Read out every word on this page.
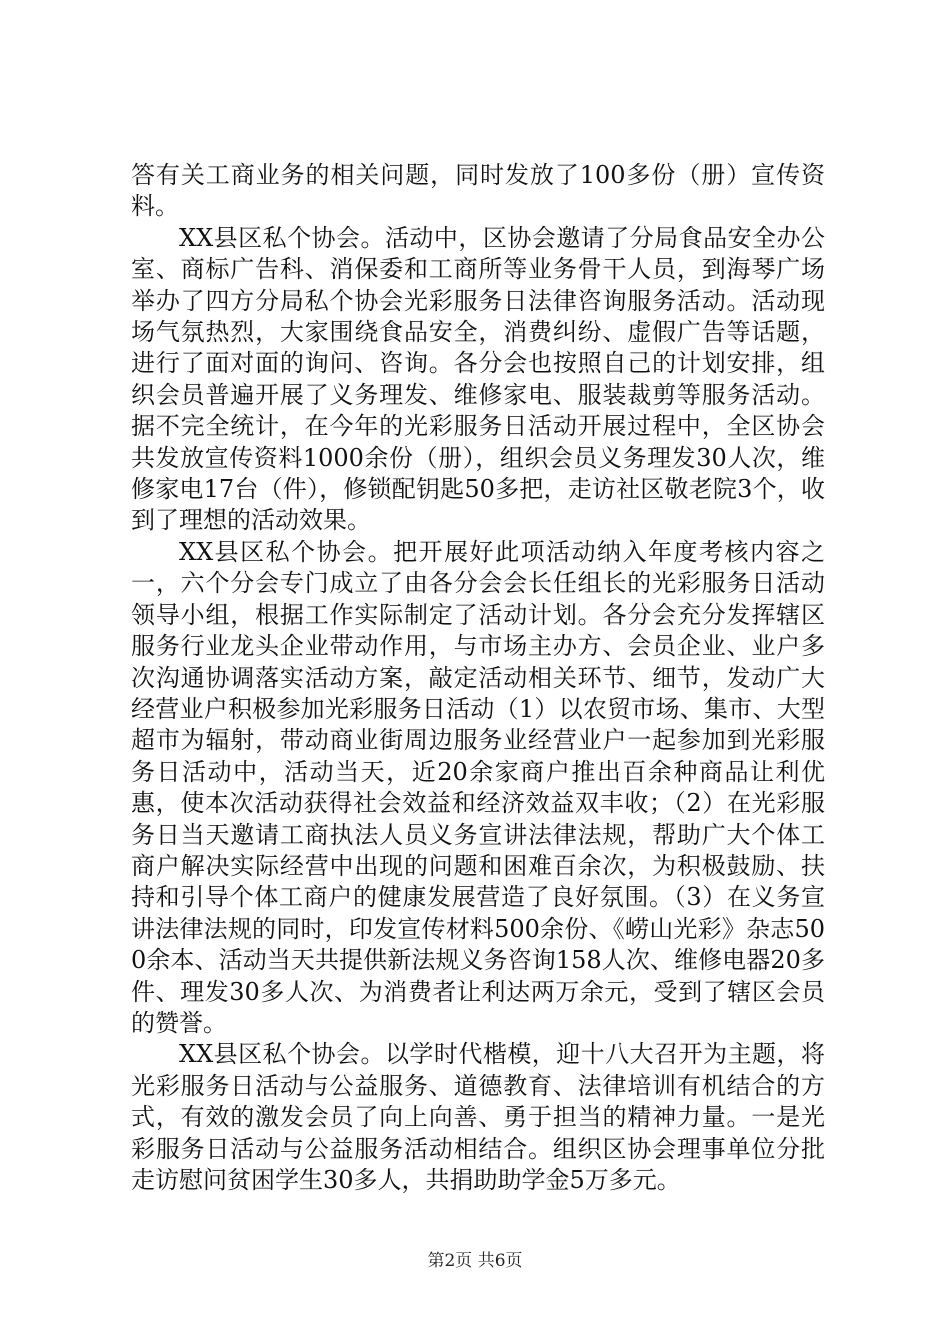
答有关工商业务的相关问题，同时发放了100多份（册）宣传资料。

XX县区私个协会。活动中，区协会邀请了分局食品安全办公室、商标广告科、消保委和工商所等业务骨干人员，到海琴广场举办了四方分局私个协会光彩服务日法律咨询服务活动。活动现场气氛热烈，大家围绕食品安全，消费纠纷、虚假广告等话题，进行了面对面的询问、咨询。各分会也按照自己的计划安排，组织会员普遍开展了义务理发、维修家电、服装裁剪等服务活动。据不完全统计，在今年的光彩服务日活动开展过程中，全区协会共发放宣传资料1000余份（册），组织会员义务理发30人次，维修家电17台（件），修锁配钥匙50多把，走访社区敬老院3个，收到了理想的活动效果。

XX县区私个协会。把开展好此项活动纳入年度考核内容之一，六个分会专门成立了由各分会会长任组长的光彩服务日活动领导小组，根据工作实际制定了活动计划。各分会充分发挥辖区服务行业龙头企业带动作用，与市场主办方、会员企业、业户多次沟通协调落实活动方案，敲定活动相关环节、细节，发动广大经营业户积极参加光彩服务日活动（1）以农贸市场、集市、大型超市为辐射，带动商业街周边服务业经营业户一起参加到光彩服务日活动中，活动当天，近20余家商户推出百余种商品让利优惠，使本次活动获得社会效益和经济效益双丰收；（2）在光彩服务日当天邀请工商执法人员义务宣讲法律法规，帮助广大个体工商户解决实际经营中出现的问题和困难百余次，为积极鼓励、扶持和引导个体工商户的健康发展营造了良好氛围。（3）在义务宣讲法律法规的同时，印发宣传材料500余份、《崂山光彩》杂志500余本、活动当天共提供新法规义务咨询158人次、维修电器20多件、理发30多人次、为消费者让利达两万余元，受到了辖区会员的赞誉。

XX县区私个协会。以学时代楷模，迎十八大召开为主题，将光彩服务日活动与公益服务、道德教育、法律培训有机结合的方式，有效的激发会员了向上向善、勇于担当的精神力量。一是光彩服务日活动与公益服务活动相结合。组织区协会理事单位分批走访慰问贫困学生30多人，共捐助助学金5万多元。

第2页 共6页
